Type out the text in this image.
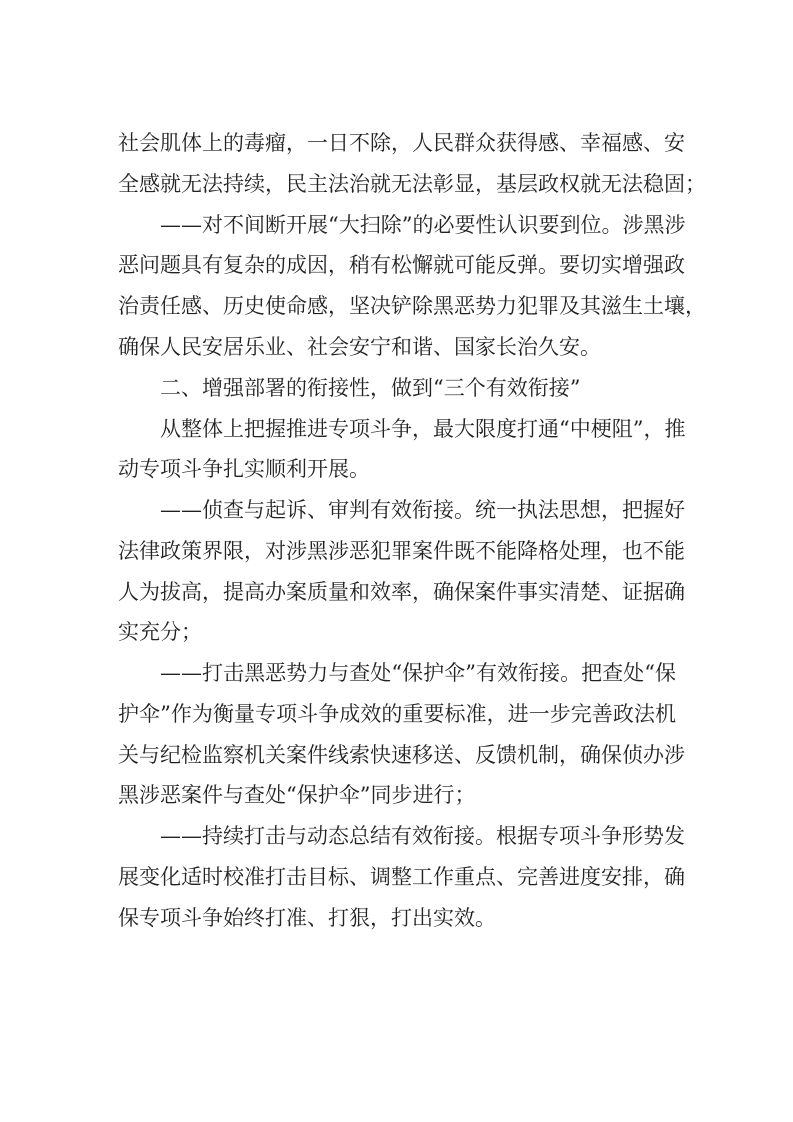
社会肌体上的毒瘤，一日不除，人民群众获得感、幸福感、安
全感就无法持续，民主法治就无法彰显，基层政权就无法稳固；
——对不间断开展“大扫除”的必要性认识要到位。涉黑涉
恶问题具有复杂的成因，稍有松懈就可能反弹。要切实增强政
治责任感、历史使命感，坚决铲除黑恶势力犯罪及其滋生土壤，
确保人民安居乐业、社会安宁和谐、国家长治久安。
二、增强部署的衔接性，做到“三个有效衔接”
从整体上把握推进专项斗争，最大限度打通“中梗阻”，推
动专项斗争扎实顺利开展。
——侦查与起诉、审判有效衔接。统一执法思想，把握好
法律政策界限，对涉黑涉恶犯罪案件既不能降格处理，也不能
人为拔高，提高办案质量和效率，确保案件事实清楚、证据确
实充分；
——打击黑恶势力与查处“保护伞”有效衔接。把查处“保
护伞”作为衡量专项斗争成效的重要标准，进一步完善政法机
关与纪检监察机关案件线索快速移送、反馈机制，确保侦办涉
黑涉恶案件与查处“保护伞”同步进行；
——持续打击与动态总结有效衔接。根据专项斗争形势发
展变化适时校准打击目标、调整工作重点、完善进度安排，确
保专项斗争始终打准、打狠，打出实效。
